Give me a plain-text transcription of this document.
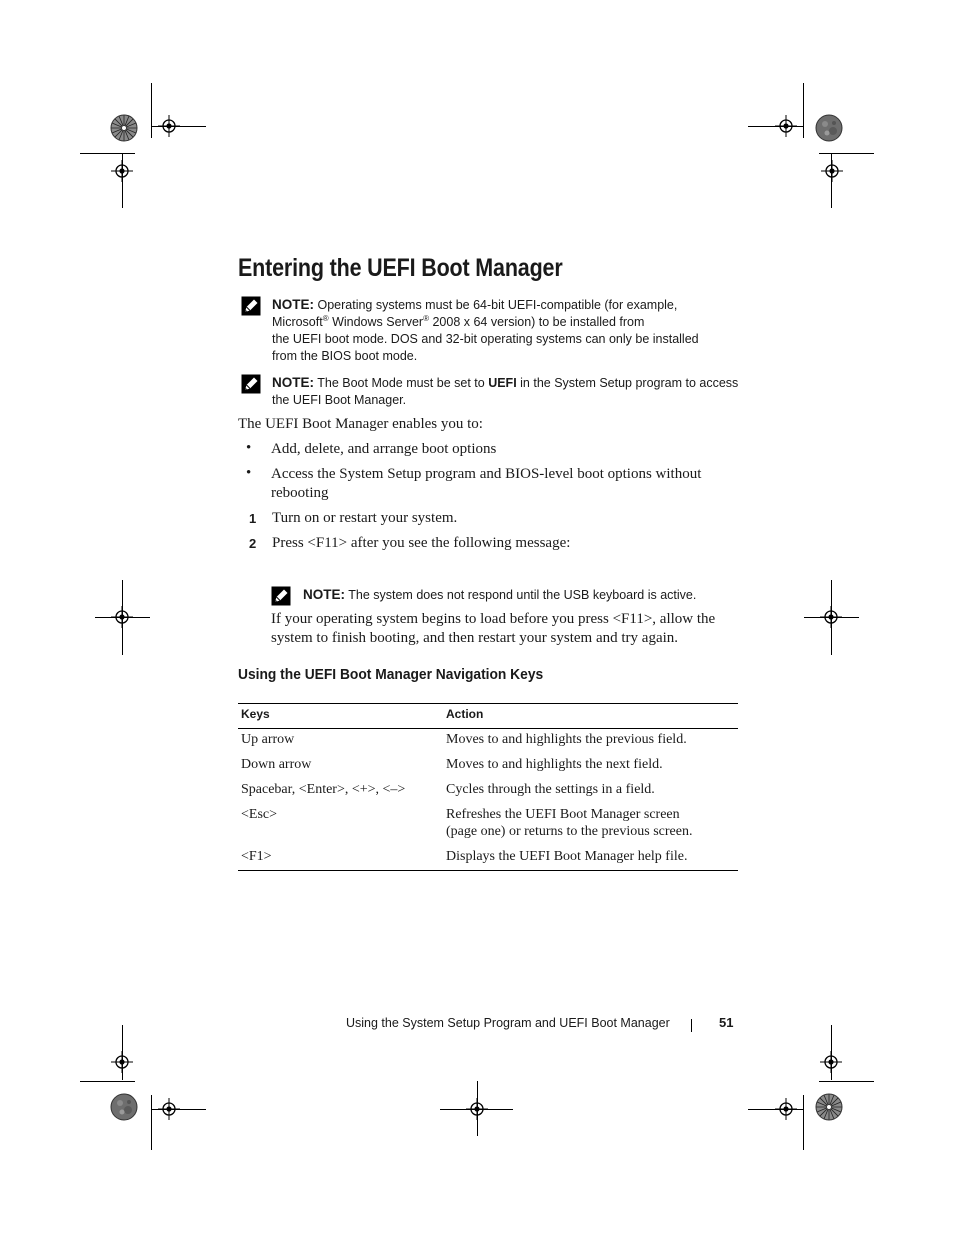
Entering the UEFI Boot Manager
NOTE: Operating systems must be 64-bit UEFI-compatible (for example,
Microsoft® Windows Server® 2008 x 64 version) to be installed from
the UEFI boot mode. DOS and 32-bit operating systems can only be installed
from the BIOS boot mode.
NOTE: The Boot Mode must be set to UEFI in the System Setup program to access
the UEFI Boot Manager.
The UEFI Boot Manager enables you to:
• Add, delete, and arrange boot options
• Access the System Setup program and BIOS-level boot options without
rebooting
1 Turn on or restart your system.
2 Press <F11> after you see the following message:
NOTE: The system does not respond until the USB keyboard is active.
If your operating system begins to load before you press <F11>, allow the
system to finish booting, and then restart your system and try again.
Using the UEFI Boot Manager Navigation Keys
Keys	Action
Up arrow	Moves to and highlights the previous field.
Down arrow	Moves to and highlights the next field.
Spacebar, <Enter>, <+>, <–>	Cycles through the settings in a field.
<Esc>	Refreshes the UEFI Boot Manager screen
(page one) or returns to the previous screen.
<F1>	Displays the UEFI Boot Manager help file.
Using the System Setup Program and UEFI Boot Manager	51
